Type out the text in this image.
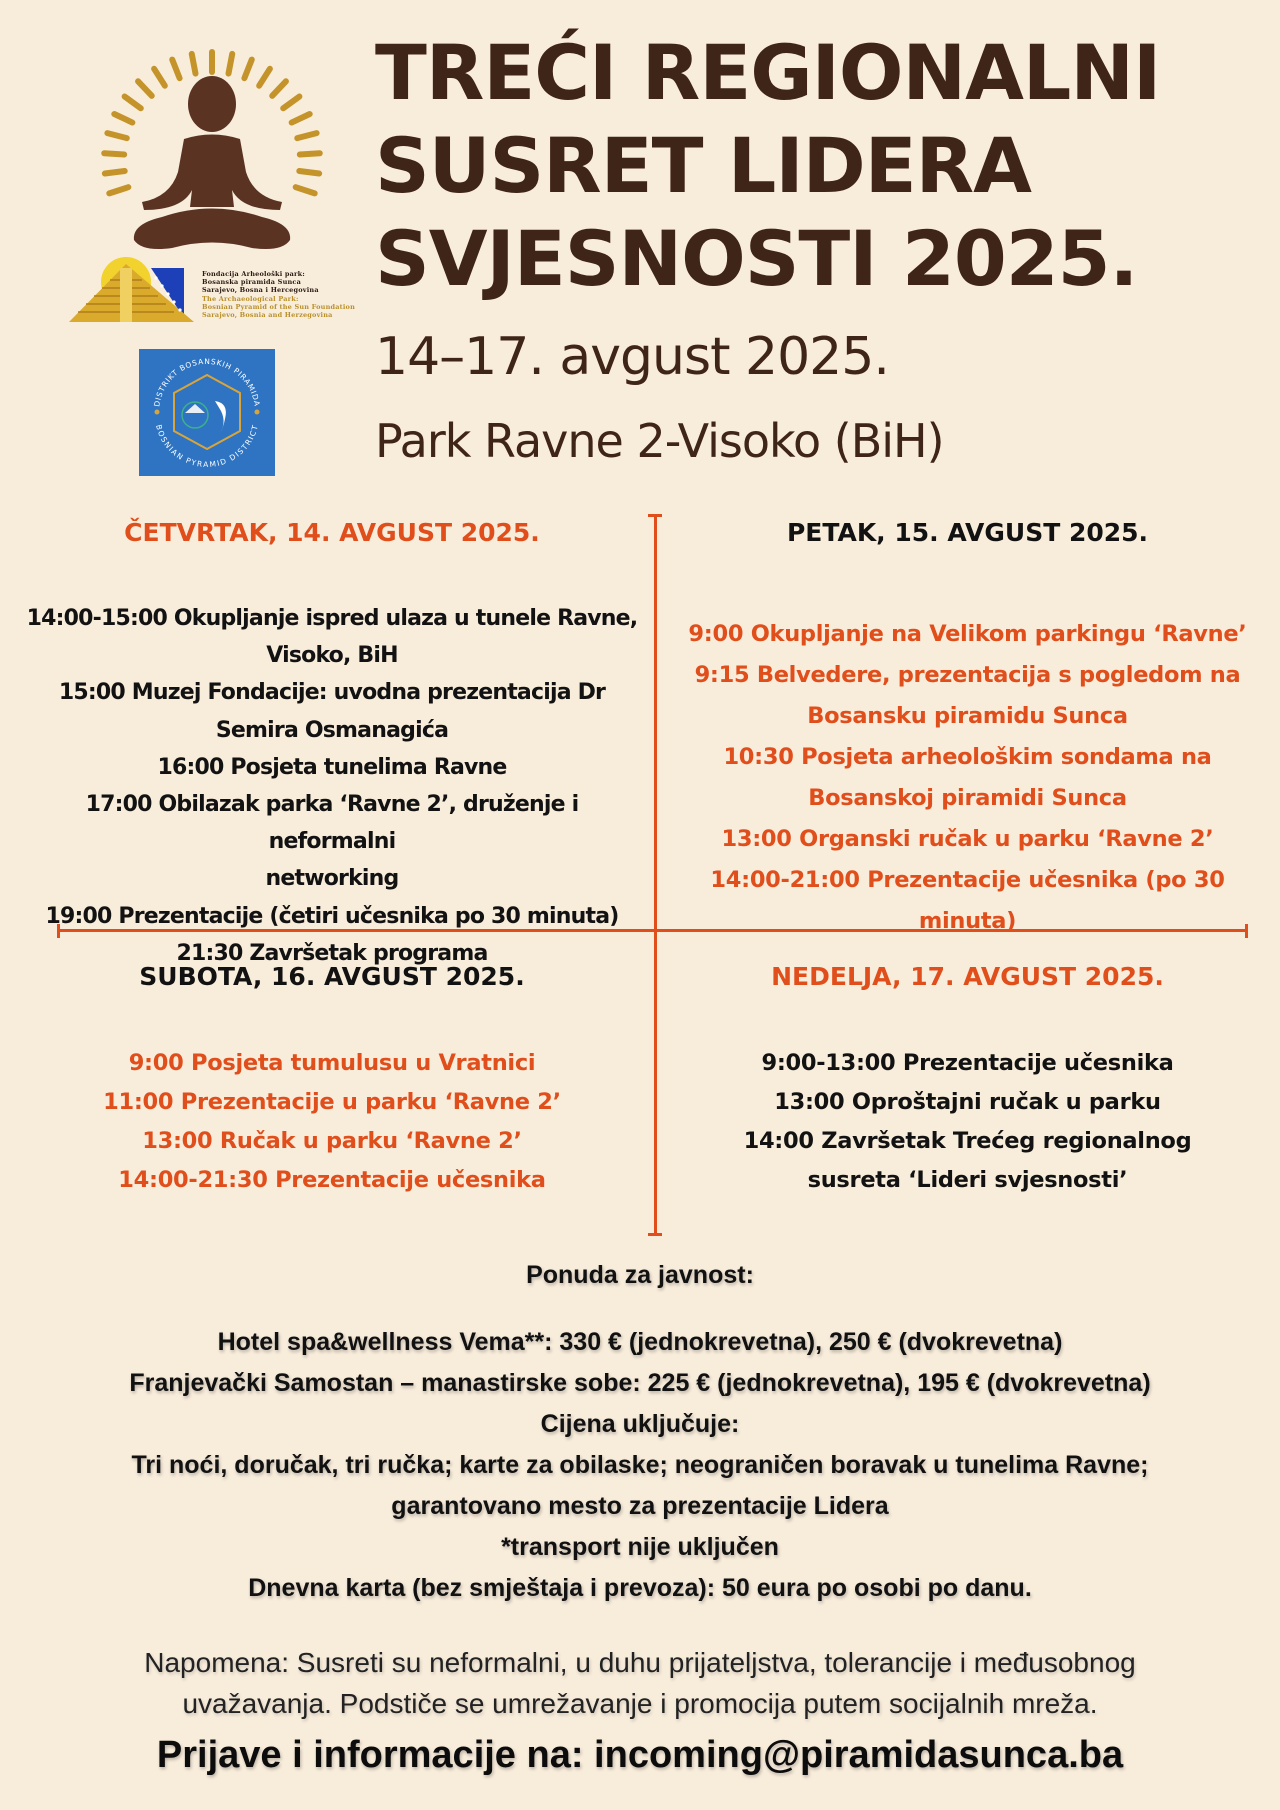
Fondacija Arheološki park:
Bosanska piramida Sunca
Sarajevo, Bosna i Hercegovina
The Archaeological Park:
Bosnian Pyramid of the Sun Foundation
Sarajevo, Bosnia and Herzegovina
DISTRIKT BOSANSKIH PIRAMIDA
BOSNIAN PYRAMID DISTRICT
TREĆI REGIONALNI
SUSRET LIDERA
SVJESNOSTI 2025.
14–17. avgust 2025.
Park Ravne 2-Visoko (BiH)
ČETVRTAK, 14. AVGUST 2025.
14:00-15:00 Okupljanje ispred ulaza u tunele Ravne,
Visoko, BiH
15:00 Muzej Fondacije: uvodna prezentacija Dr
Semira Osmanagića
16:00 Posjeta tunelima Ravne
17:00 Obilazak parka ‘Ravne 2’, druženje i neformalni
networking
19:00 Prezentacije (četiri učesnika po 30 minuta)
21:30 Završetak programa
PETAK, 15. AVGUST 2025.
9:00 Okupljanje na Velikom parkingu ‘Ravne’
9:15 Belvedere, prezentacija s pogledom na
Bosansku piramidu Sunca
10:30 Posjeta arheološkim sondama na
Bosanskoj piramidi Sunca
13:00 Organski ručak u parku ‘Ravne 2’
14:00-21:00 Prezentacije učesnika (po 30
minuta)
SUBOTA, 16. AVGUST 2025.
9:00 Posjeta tumulusu u Vratnici
11:00 Prezentacije u parku ‘Ravne 2’
13:00 Ručak u parku ‘Ravne 2’
14:00-21:30 Prezentacije učesnika
NEDELJA, 17. AVGUST 2025.
9:00-13:00 Prezentacije učesnika
13:00 Oproštajni ručak u parku
14:00 Završetak Trećeg regionalnog
susreta ‘Lideri svjesnosti’
Ponuda za javnost:
Hotel spa&wellness Vema**: 330 € (jednokrevetna), 250 € (dvokrevetna)
Franjevački Samostan – manastirske sobe: 225 € (jednokrevetna), 195 € (dvokrevetna)
Cijena uključuje:
Tri noći, doručak, tri ručka; karte za obilaske; neograničen boravak u tunelima Ravne;
garantovano mesto za prezentacije Lidera
*transport nije uključen
Dnevna karta (bez smještaja i prevoza): 50 eura po osobi po danu.
Napomena: Susreti su neformalni, u duhu prijateljstva, tolerancije i međusobnog
uvažavanja. Podstiče se umrežavanje i promocija putem socijalnih mreža.
Prijave i informacije na: incoming@piramidasunca.ba
